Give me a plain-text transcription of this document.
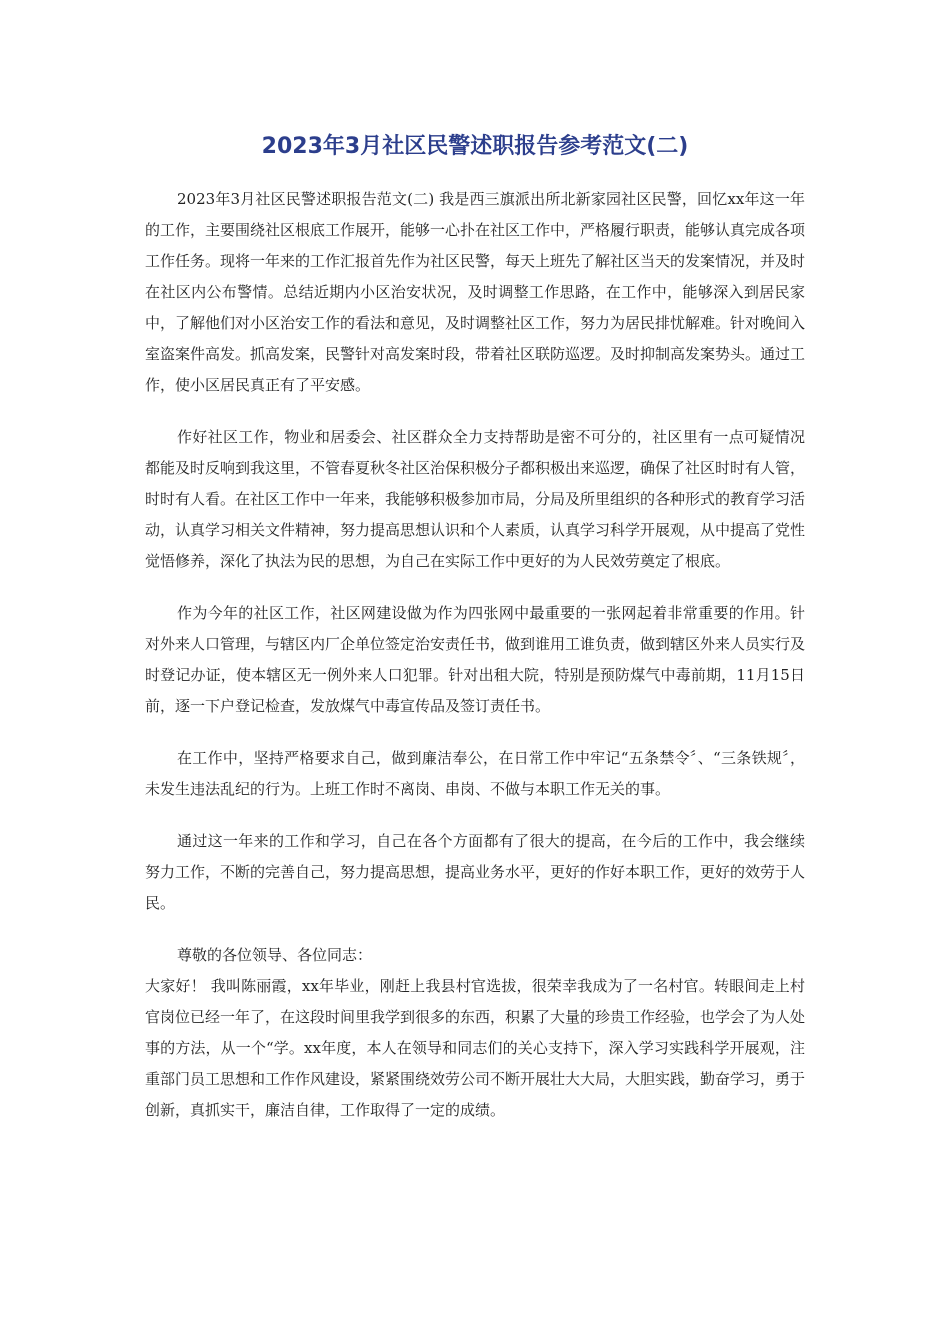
2023年3月社区民警述职报告参考范文(二)

2023年3月社区民警述职报告范文(二) 我是西三旗派出所北新家园社区民警，回忆xx年这一年的工作，主要围绕社区根底工作展开，能够一心扑在社区工作中，严格履行职责，能够认真完成各项工作任务。现将一年来的工作汇报首先作为社区民警，每天上班先了解社区当天的发案情况，并及时在社区内公布警情。总结近期内小区治安状况，及时调整工作思路，在工作中，能够深入到居民家中，了解他们对小区治安工作的看法和意见，及时调整社区工作，努力为居民排忧解难。针对晚间入室盗案件高发。抓高发案，民警针对高发案时段，带着社区联防巡逻。及时抑制高发案势头。通过工作，使小区居民真正有了平安感。

作好社区工作，物业和居委会、社区群众全力支持帮助是密不可分的，社区里有一点可疑情况都能及时反响到我这里，不管春夏秋冬社区治保积极分子都积极出来巡逻，确保了社区时时有人管，时时有人看。在社区工作中一年来，我能够积极参加市局，分局及所里组织的各种形式的教育学习活动，认真学习相关文件精神，努力提高思想认识和个人素质，认真学习科学开展观，从中提高了党性觉悟修养，深化了执法为民的思想，为自己在实际工作中更好的为人民效劳奠定了根底。

作为今年的社区工作，社区网建设做为作为四张网中最重要的一张网起着非常重要的作用。针对外来人口管理，与辖区内厂企单位签定治安责任书，做到谁用工谁负责，做到辖区外来人员实行及时登记办证，使本辖区无一例外来人口犯罪。针对出租大院，特别是预防煤气中毒前期，11月15日前，逐一下户登记检查，发放煤气中毒宣传品及签订责任书。

在工作中，坚持严格要求自己，做到廉洁奉公，在日常工作中牢记“五条禁令〞、“三条铁规〞，未发生违法乱纪的行为。上班工作时不离岗、串岗、不做与本职工作无关的事。

通过这一年来的工作和学习，自己在各个方面都有了很大的提高，在今后的工作中，我会继续努力工作，不断的完善自己，努力提高思想，提高业务水平，更好的作好本职工作，更好的效劳于人民。

尊敬的各位领导、各位同志：

大家好！ 我叫陈丽霞，xx年毕业，刚赶上我县村官选拔，很荣幸我成为了一名村官。转眼间走上村官岗位已经一年了，在这段时间里我学到很多的东西，积累了大量的珍贵工作经验，也学会了为人处事的方法，从一个“学。xx年度，本人在领导和同志们的关心支持下，深入学习实践科学开展观，注重部门员工思想和工作作风建设，紧紧围绕效劳公司不断开展壮大大局，大胆实践，勤奋学习，勇于创新，真抓实干，廉洁自律，工作取得了一定的成绩。
